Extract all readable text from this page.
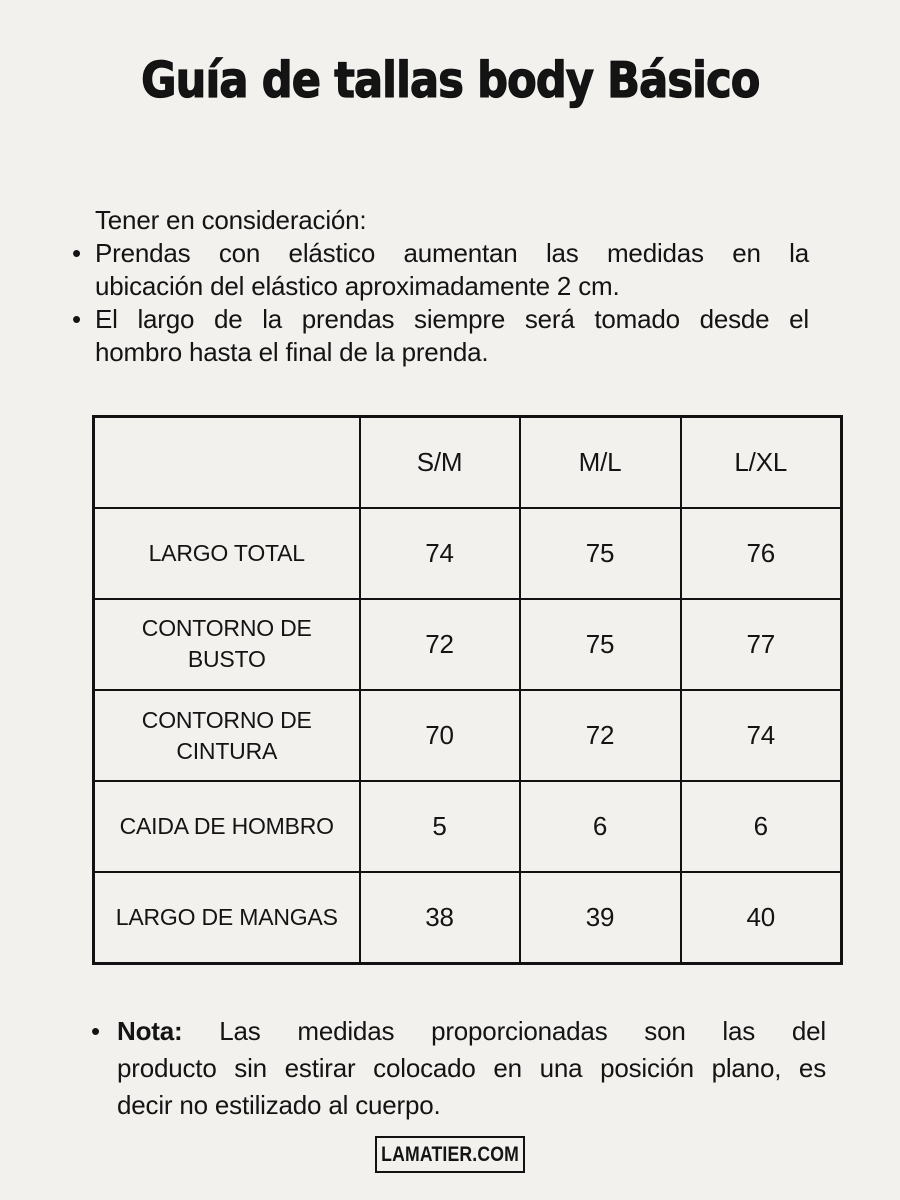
Guía de tallas body Básico
Tener en consideración:
• Prendas con elástico aumentan las medidas en la
ubicación del elástico aproximadamente 2 cm.
• El largo de la prendas siempre será tomado desde el
hombro hasta el final de la prenda.
	S/M	M/L	L/XL
LARGO TOTAL	74	75	76
CONTORNO DE BUSTO	72	75	77
CONTORNO DE CINTURA	70	72	74
CAIDA DE HOMBRO	5	6	6
LARGO DE MANGAS	38	39	40
• Nota: Las medidas proporcionadas son las del
producto sin estirar colocado en una posición plano, es
decir no estilizado al cuerpo.
LAMATIER.COM
